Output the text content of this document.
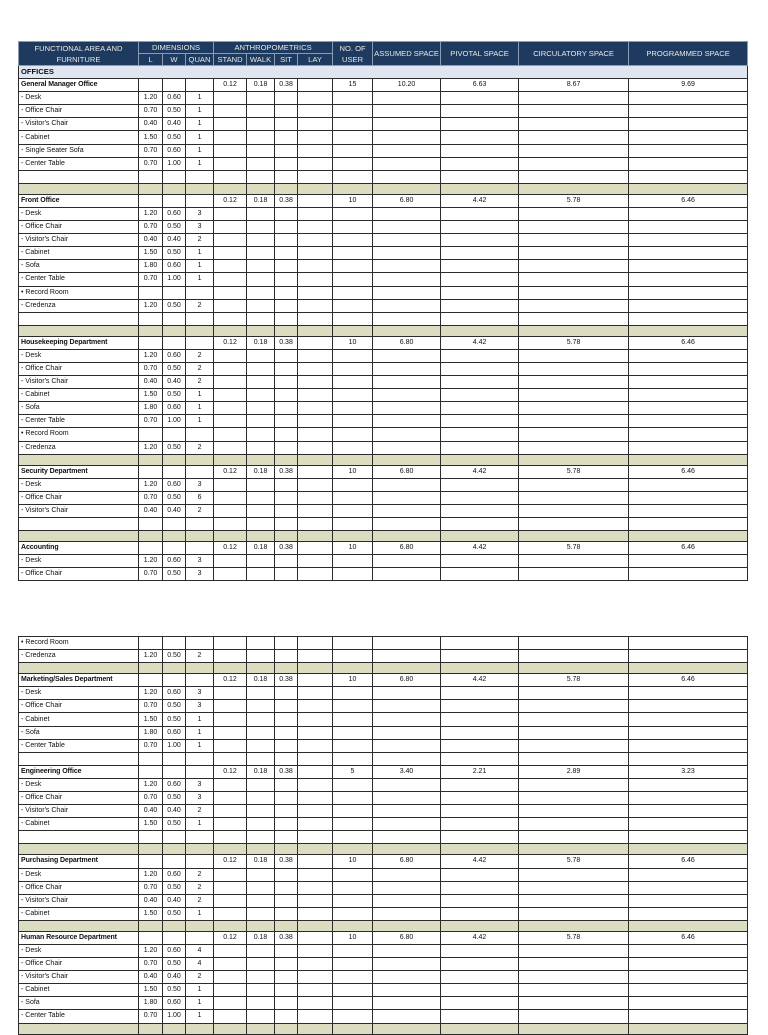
FUNCTIONAL AREA AND FURNITURE	DIMENSIONS			ANTHROPOMETRICS				NO. OF USER	ASSUMED SPACE	PIVOTAL SPACE	CIRCULATORY SPACE	PROGRAMMED SPACE
	L	W	QUAN	STAND	WALK	SIT	LAY					
OFFICES												
General Manager Office				0.12	0.18	0.38		15	10.20	6.63	8.67	9.69
- Desk	1.20	0.60	1									
- Office Chair	0.70	0.50	1									
- Visitor's Chair	0.40	0.40	1									
- Cabinet	1.50	0.50	1									
- Single Seater Sofa	0.70	0.60	1									
- Center Table	0.70	1.00	1									

Front Office				0.12	0.18	0.38		10	6.80	4.42	5.78	6.46
- Desk	1.20	0.60	3									
- Office Chair	0.70	0.50	3									
- Visitor's Chair	0.40	0.40	2									
- Cabinet	1.50	0.50	1									
- Sofa	1.80	0.60	1									
- Center Table	0.70	1.00	1									
• Record Room												
- Credenza	1.20	0.50	2									

Housekeeping Department				0.12	0.18	0.38		10	6.80	4.42	5.78	6.46
- Desk	1.20	0.60	2									
- Office Chair	0.70	0.50	2									
- Visitor's Chair	0.40	0.40	2									
- Cabinet	1.50	0.50	1									
- Sofa	1.80	0.60	1									
- Center Table	0.70	1.00	1									
• Record Room												
- Credenza	1.20	0.50	2									

Security Department				0.12	0.18	0.38		10	6.80	4.42	5.78	6.46
- Desk	1.20	0.60	3									
- Office Chair	0.70	0.50	6									
- Visitor's Chair	0.40	0.40	2									

Accounting				0.12	0.18	0.38		10	6.80	4.42	5.78	6.46
- Desk	1.20	0.60	3									
- Office Chair	0.70	0.50	3									
• Record Room												
- Credenza	1.20	0.50	2									

Marketing/Sales Department				0.12	0.18	0.38		10	6.80	4.42	5.78	6.46
- Desk	1.20	0.60	3									
- Office Chair	0.70	0.50	3									
- Cabinet	1.50	0.50	1									
- Sofa	1.80	0.60	1									
- Center Table	0.70	1.00	1									

Engineering Office				0.12	0.18	0.38		5	3.40	2.21	2.89	3.23
- Desk	1.20	0.60	3									
- Office Chair	0.70	0.50	3									
- Visitor's Chair	0.40	0.40	2									
- Cabinet	1.50	0.50	1									

Purchasing Department				0.12	0.18	0.38		10	6.80	4.42	5.78	6.46
- Desk	1.20	0.60	2									
- Office Chair	0.70	0.50	2									
- Visitor's Chair	0.40	0.40	2									
- Cabinet	1.50	0.50	1									

Human Resource Department				0.12	0.18	0.38		10	6.80	4.42	5.78	6.46
- Desk	1.20	0.60	4									
- Office Chair	0.70	0.50	4									
- Visitor's Chair	0.40	0.40	2									
- Cabinet	1.50	0.50	1									
- Sofa	1.80	0.60	1									
- Center Table	0.70	1.00	1									
